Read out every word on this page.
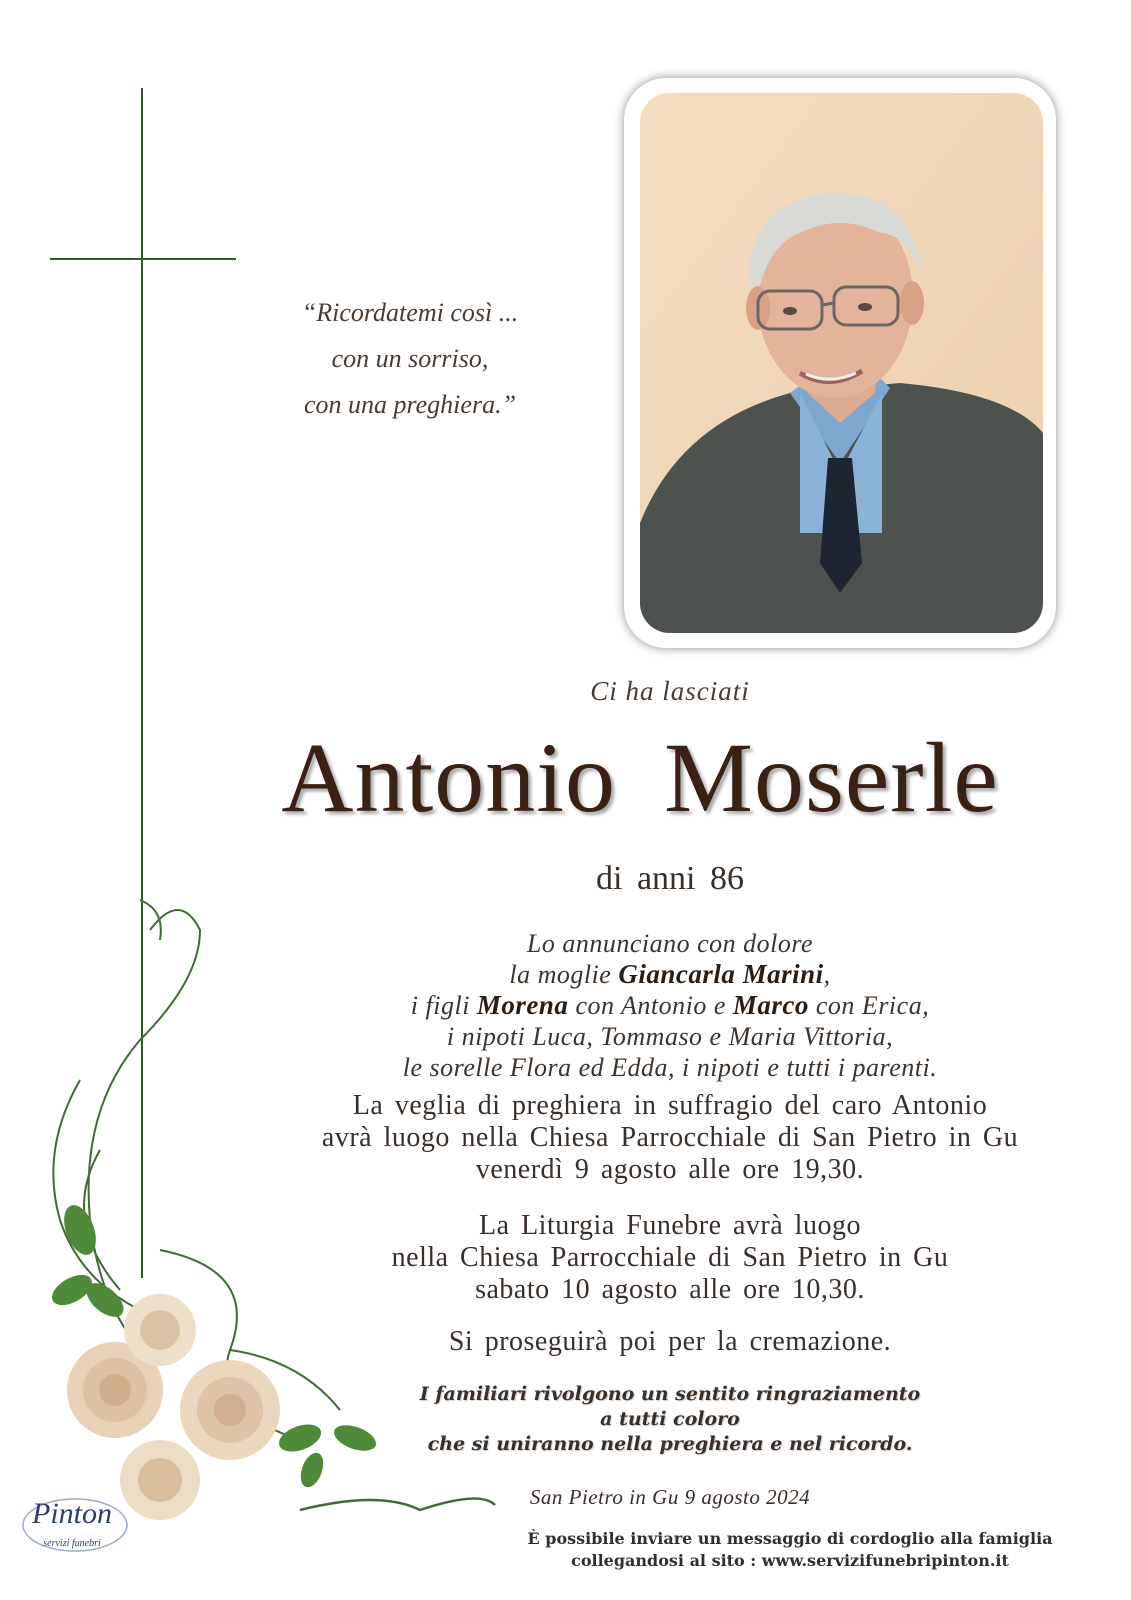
“Ricordatemi così ...
con un sorriso,
con una preghiera.”
Ci ha lasciati
Antonio Moserle
di anni 86
Lo annunciano con dolore
la moglie Giancarla Marini,
i figli Morena con Antonio e Marco con Erica,
i nipoti Luca, Tommaso e Maria Vittoria,
le sorelle Flora ed Edda, i nipoti e tutti i parenti.
La veglia di preghiera in suffragio del caro Antonio
avrà luogo nella Chiesa Parrocchiale di San Pietro in Gu
venerdì 9 agosto alle ore 19,30.
La Liturgia Funebre avrà luogo
nella Chiesa Parrocchiale di San Pietro in Gu
sabato 10 agosto alle ore 10,30.
Si proseguirà poi per la cremazione.
I familiari rivolgono un sentito ringraziamento
a tutti coloro
che si uniranno nella preghiera e nel ricordo.
San Pietro in Gu 9 agosto 2024
Pinton
servizi funebri	È possibile inviare un messaggio di cordoglio alla famiglia
collegandosi al sito : www.servizifunebripinton.it
